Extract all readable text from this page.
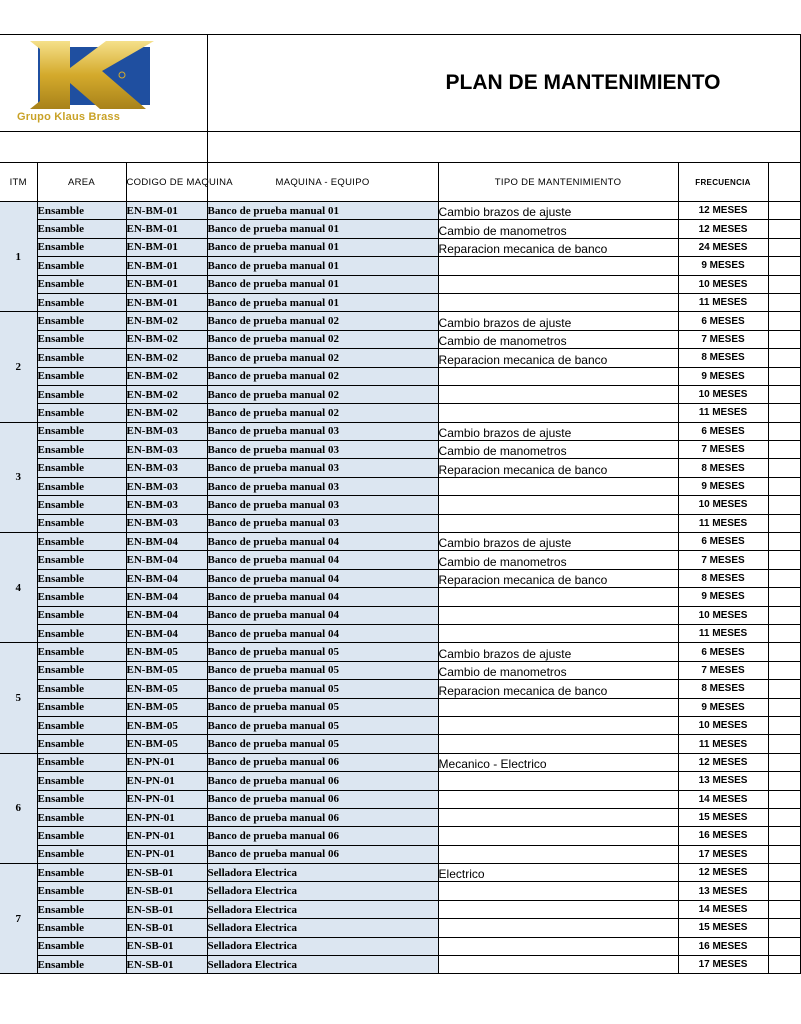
Grupo Klaus Brass			PLAN DE MANTENIMIENTO			

ITM	AREA	CODIGO DE MAQUINA	MAQUINA - EQUIPO	TIPO DE MANTENIMIENTO	FRECUENCIA	
1	Ensamble	EN-BM-01	Banco de prueba manual 01	Cambio brazos de ajuste	12 MESES	
	Ensamble	EN-BM-01	Banco de prueba manual 01	Cambio de manometros	12 MESES	
	Ensamble	EN-BM-01	Banco de prueba manual 01	Reparacion mecanica de banco	24 MESES	
	Ensamble	EN-BM-01	Banco de prueba manual 01		9 MESES	
	Ensamble	EN-BM-01	Banco de prueba manual 01		10 MESES	
	Ensamble	EN-BM-01	Banco de prueba manual 01		11 MESES	
2	Ensamble	EN-BM-02	Banco de prueba manual 02	Cambio brazos de ajuste	6 MESES	
	Ensamble	EN-BM-02	Banco de prueba manual 02	Cambio de manometros	7 MESES	
	Ensamble	EN-BM-02	Banco de prueba manual 02	Reparacion mecanica de banco	8 MESES	
	Ensamble	EN-BM-02	Banco de prueba manual 02		9 MESES	
	Ensamble	EN-BM-02	Banco de prueba manual 02		10 MESES	
	Ensamble	EN-BM-02	Banco de prueba manual 02		11 MESES	
3	Ensamble	EN-BM-03	Banco de prueba manual 03	Cambio brazos de ajuste	6 MESES	
	Ensamble	EN-BM-03	Banco de prueba manual 03	Cambio de manometros	7 MESES	
	Ensamble	EN-BM-03	Banco de prueba manual 03	Reparacion mecanica de banco	8 MESES	
	Ensamble	EN-BM-03	Banco de prueba manual 03		9 MESES	
	Ensamble	EN-BM-03	Banco de prueba manual 03		10 MESES	
	Ensamble	EN-BM-03	Banco de prueba manual 03		11 MESES	
4	Ensamble	EN-BM-04	Banco de prueba manual 04	Cambio brazos de ajuste	6 MESES	
	Ensamble	EN-BM-04	Banco de prueba manual 04	Cambio de manometros	7 MESES	
	Ensamble	EN-BM-04	Banco de prueba manual 04	Reparacion mecanica de banco	8 MESES	
	Ensamble	EN-BM-04	Banco de prueba manual 04		9 MESES	
	Ensamble	EN-BM-04	Banco de prueba manual 04		10 MESES	
	Ensamble	EN-BM-04	Banco de prueba manual 04		11 MESES	
5	Ensamble	EN-BM-05	Banco de prueba manual 05	Cambio brazos de ajuste	6 MESES	
	Ensamble	EN-BM-05	Banco de prueba manual 05	Cambio de manometros	7 MESES	
	Ensamble	EN-BM-05	Banco de prueba manual 05	Reparacion mecanica de banco	8 MESES	
	Ensamble	EN-BM-05	Banco de prueba manual 05		9 MESES	
	Ensamble	EN-BM-05	Banco de prueba manual 05		10 MESES	
	Ensamble	EN-BM-05	Banco de prueba manual 05		11 MESES	
6	Ensamble	EN-PN-01	Banco de prueba manual 06	Mecanico - Electrico	12 MESES	
	Ensamble	EN-PN-01	Banco de prueba manual 06		13 MESES	
	Ensamble	EN-PN-01	Banco de prueba manual 06		14 MESES	
	Ensamble	EN-PN-01	Banco de prueba manual 06		15 MESES	
	Ensamble	EN-PN-01	Banco de prueba manual 06		16 MESES	
	Ensamble	EN-PN-01	Banco de prueba manual 06		17 MESES	
7	Ensamble	EN-SB-01	Selladora Electrica	Electrico	12 MESES	
	Ensamble	EN-SB-01	Selladora Electrica		13 MESES	
	Ensamble	EN-SB-01	Selladora Electrica		14 MESES	
	Ensamble	EN-SB-01	Selladora Electrica		15 MESES	
	Ensamble	EN-SB-01	Selladora Electrica		16 MESES	
	Ensamble	EN-SB-01	Selladora Electrica		17 MESES	
